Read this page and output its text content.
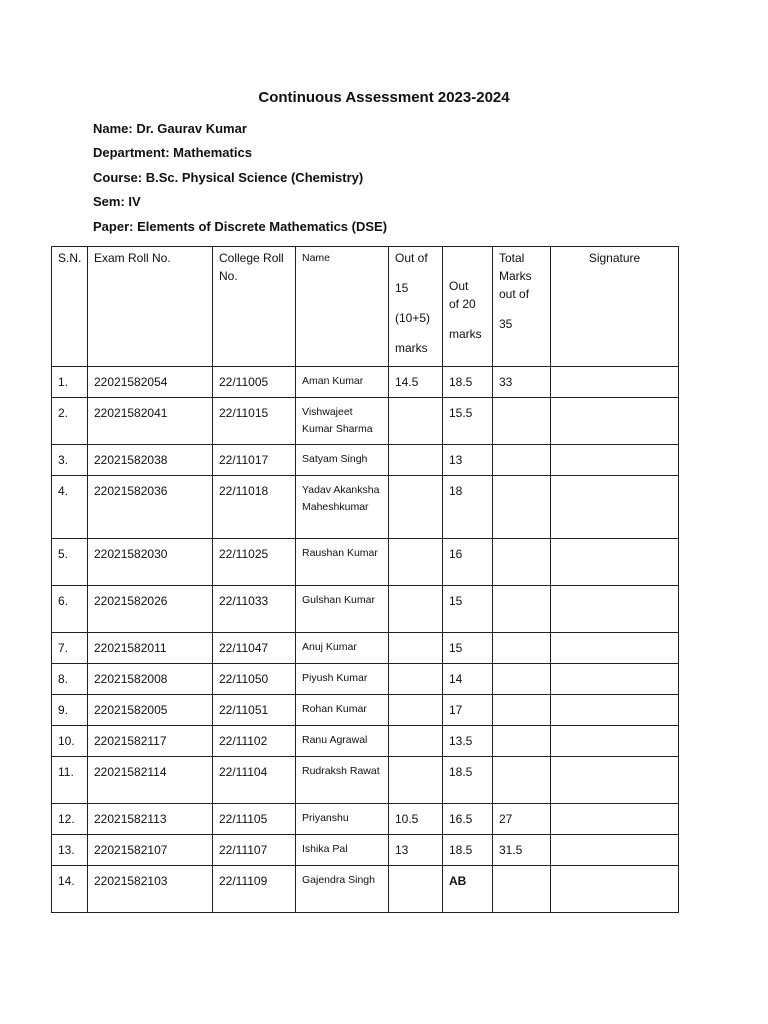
Continuous Assessment 2023-2024
Name: Dr. Gaurav Kumar
Department: Mathematics
Course: B.Sc. Physical Science (Chemistry)
Sem: IV
Paper: Elements of Discrete Mathematics (DSE)
S.N.	Exam Roll No.	College Roll No.	Name	Out of
15
(10+5)
marks	Out
of 20
marks	Total
Marks
out of
35	Signature
1.	22021582054	22/11005	Aman Kumar	14.5	18.5	33	
2.	22021582041	22/11015	Vishwajeet Kumar Sharma		15.5		
3.	22021582038	22/11017	Satyam Singh		13		
4.	22021582036	22/11018	Yadav Akanksha Maheshkumar		18		
5.	22021582030	22/11025	Raushan Kumar		16		
6.	22021582026	22/11033	Gulshan Kumar		15		
7.	22021582011	22/11047	Anuj Kumar		15		
8.	22021582008	22/11050	Piyush Kumar		14		
9.	22021582005	22/11051	Rohan Kumar		17		
10.	22021582117	22/11102	Ranu Agrawal		13.5		
11.	22021582114	22/11104	Rudraksh Rawat		18.5		
12.	22021582113	22/11105	Priyanshu	10.5	16.5	27	
13.	22021582107	22/11107	Ishika Pal	13	18.5	31.5	
14.	22021582103	22/11109	Gajendra Singh		AB		
